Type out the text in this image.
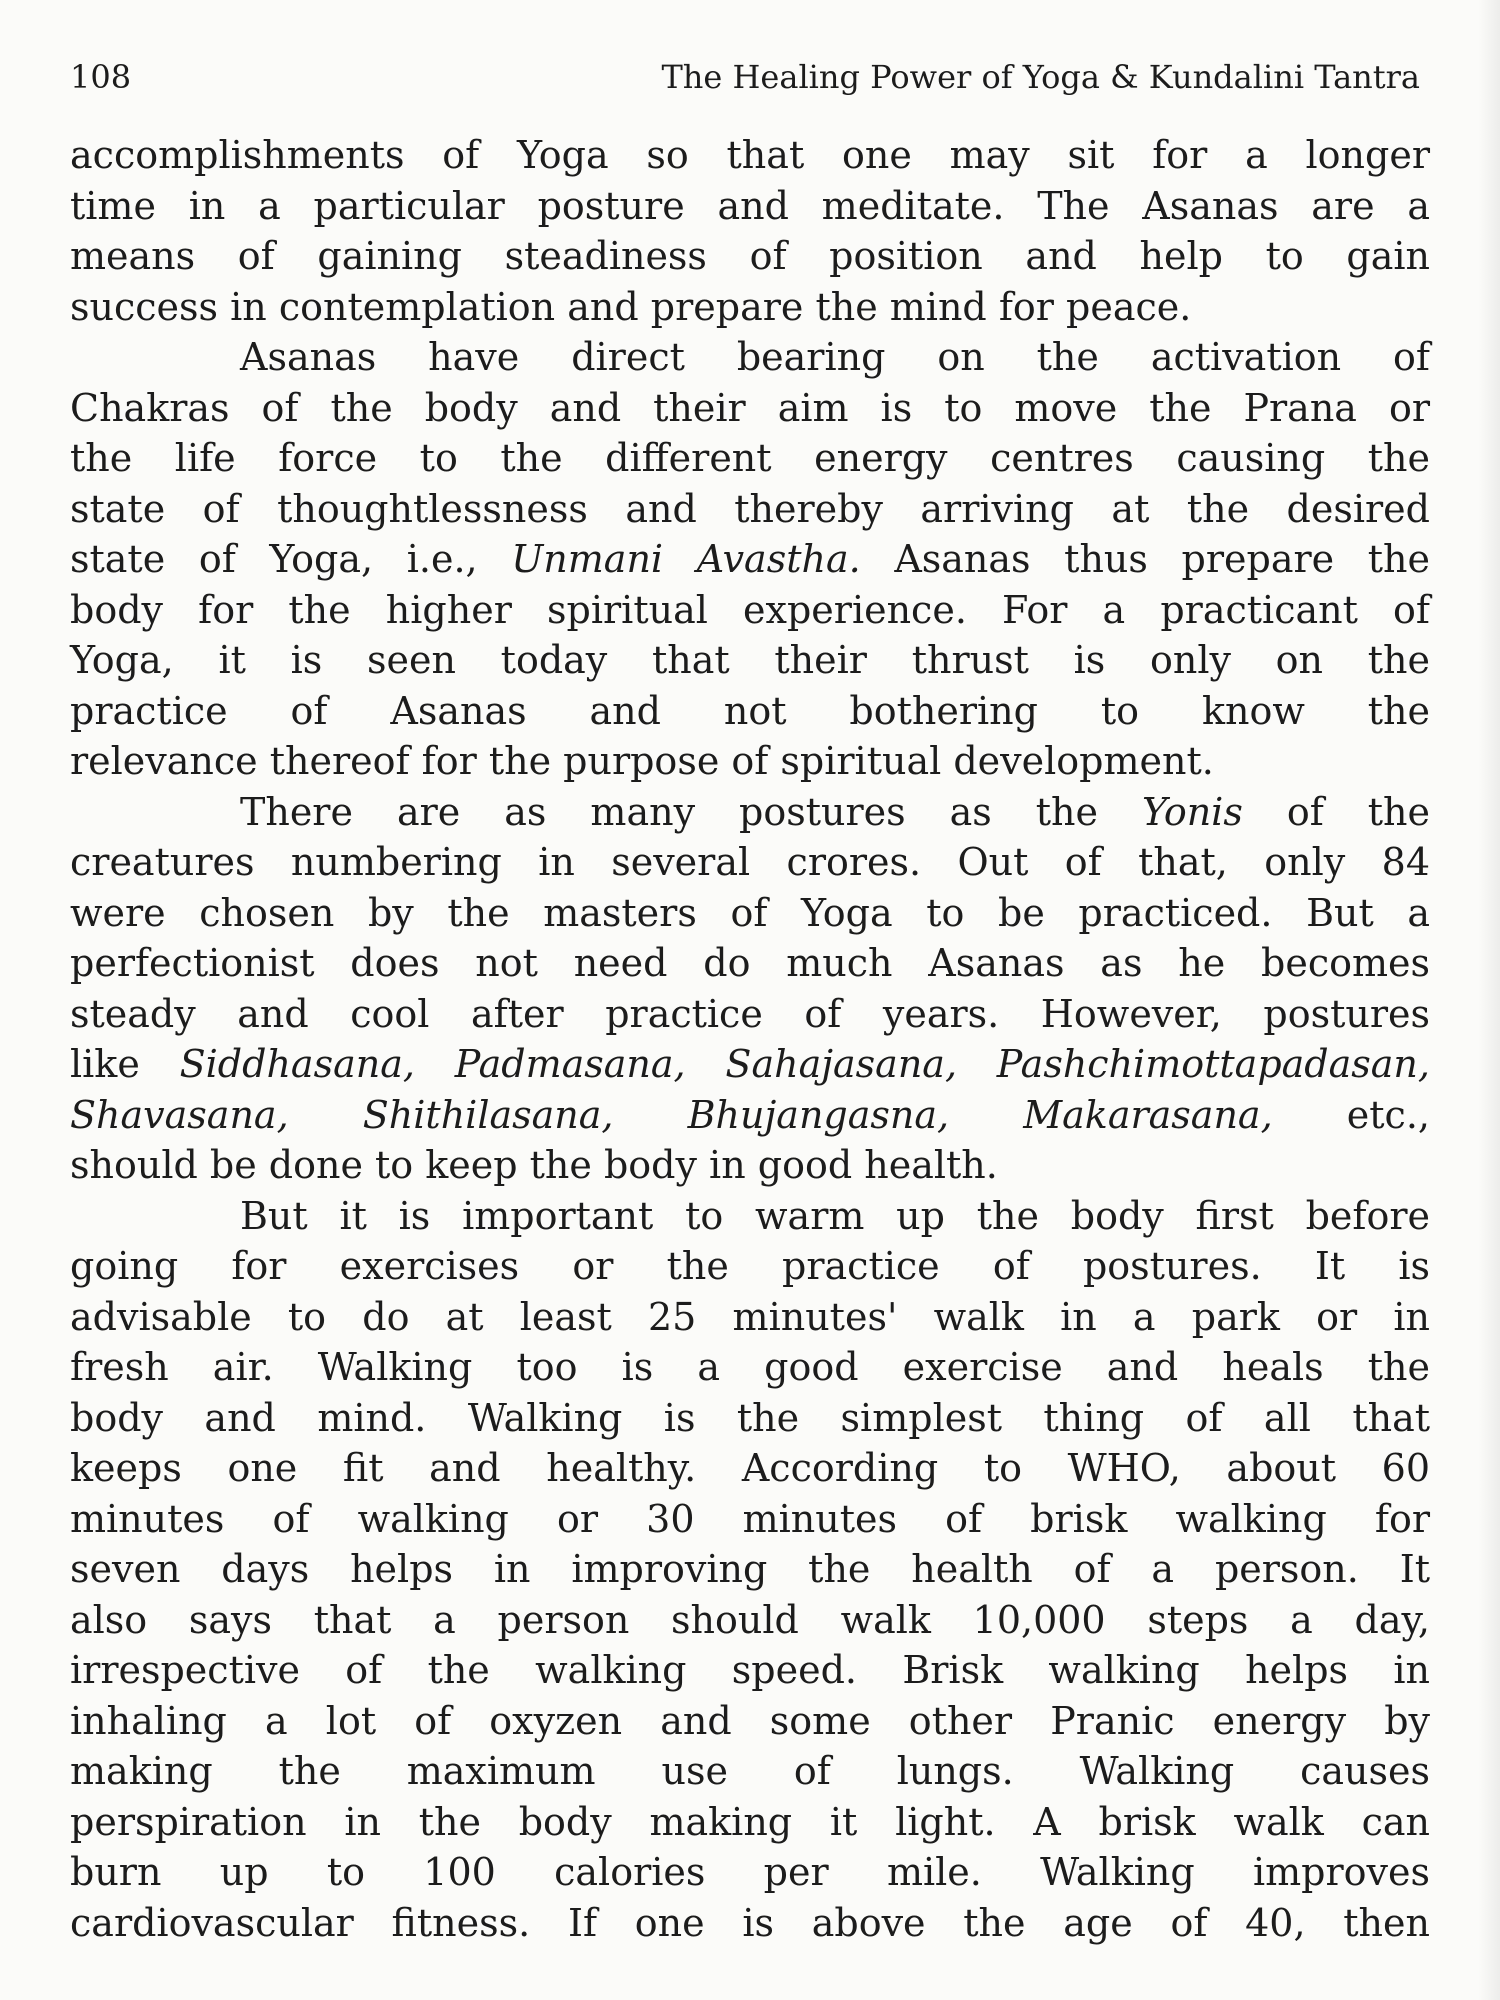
108	The Healing Power of Yoga & Kundalini Tantra
accomplishments of Yoga so that one may sit for a longer
time in a particular posture and meditate. The Asanas are a
means of gaining steadiness of position and help to gain
success in contemplation and prepare the mind for peace.
Asanas have direct bearing on the activation of
Chakras of the body and their aim is to move the Prana or
the life force to the different energy centres causing the
state of thoughtlessness and thereby arriving at the desired
state of Yoga, i.e., Unmani Avastha. Asanas thus prepare the
body for the higher spiritual experience. For a practicant of
Yoga, it is seen today that their thrust is only on the
practice of Asanas and not bothering to know the
relevance thereof for the purpose of spiritual development.
There are as many postures as the Yonis of the
creatures numbering in several crores. Out of that, only 84
were chosen by the masters of Yoga to be practiced. But a
perfectionist does not need do much Asanas as he becomes
steady and cool after practice of years. However, postures
like Siddhasana, Padmasana, Sahajasana, Pashchimottapadasan,
Shavasana, Shithilasana, Bhujangasna, Makarasana, etc.,
should be done to keep the body in good health.
But it is important to warm up the body first before
going for exercises or the practice of postures. It is
advisable to do at least 25 minutes' walk in a park or in
fresh air. Walking too is a good exercise and heals the
body and mind. Walking is the simplest thing of all that
keeps one fit and healthy. According to WHO, about 60
minutes of walking or 30 minutes of brisk walking for
seven days helps in improving the health of a person. It
also says that a person should walk 10,000 steps a day,
irrespective of the walking speed. Brisk walking helps in
inhaling a lot of oxyzen and some other Pranic energy by
making the maximum use of lungs. Walking causes
perspiration in the body making it light. A brisk walk can
burn up to 100 calories per mile. Walking improves
cardiovascular fitness. If one is above the age of 40, then
